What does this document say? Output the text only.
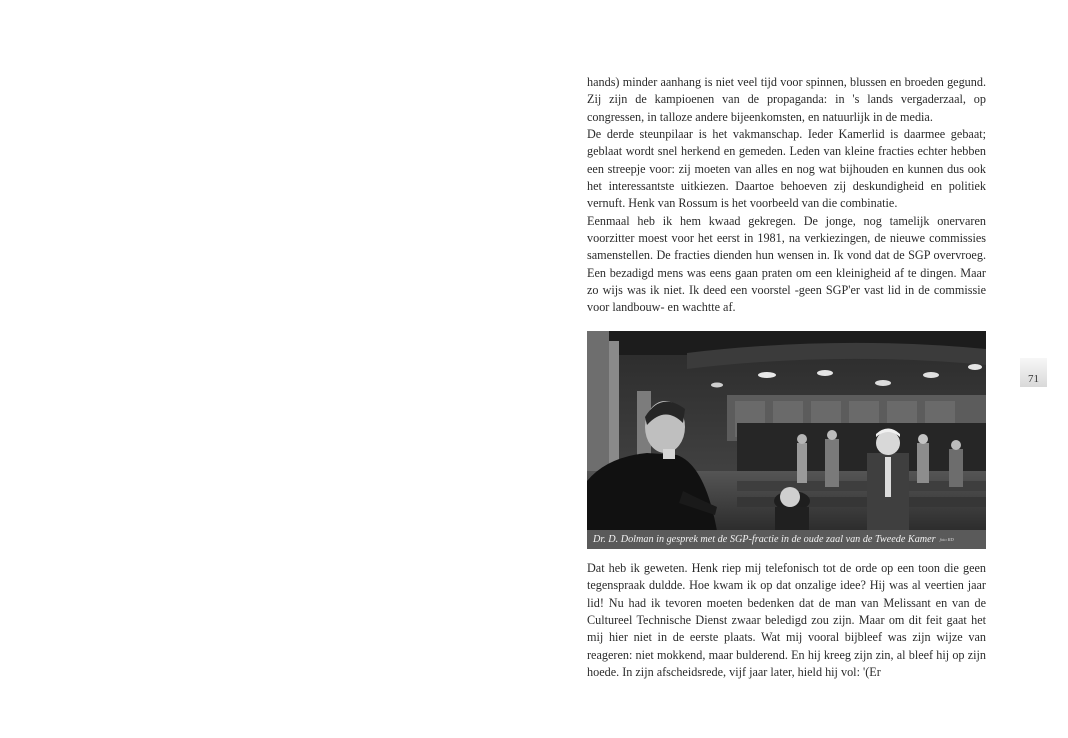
hands) minder aanhang is niet veel tijd voor spinnen, blussen en broeden gegund. Zij zijn de kampioenen van de propaganda: in 's lands vergaderzaal, op congressen, in talloze andere bijeenkomsten, en natuurlijk in de media.

De derde steunpilaar is het vakmanschap. Ieder Kamerlid is daarmee gebaat; geblaat wordt snel herkend en gemeden. Leden van kleine fracties echter hebben een streepje voor: zij moeten van alles en nog wat bijhouden en kunnen dus ook het interessantste uitkiezen. Daartoe behoeven zij deskundigheid en politiek vernuft. Henk van Rossum is het voorbeeld van die combinatie.

Eenmaal heb ik hem kwaad gekregen. De jonge, nog tamelijk onervaren voorzitter moest voor het eerst in 1981, na verkiezingen, de nieuwe commissies samenstellen. De fracties dienden hun wensen in. Ik vond dat de SGP overvroeg. Een bezadigd mens was eens gaan praten om een kleinigheid af te dingen. Maar zo wijs was ik niet. Ik deed een voorstel -geen SGP'er vast lid in de commissie voor landbouw- en wachtte af.

Dr. D. Dolman in gesprek met de SGP-fractie in de oude zaal van de Tweede Kamer foto RD

Dat heb ik geweten. Henk riep mij telefonisch tot de orde op een toon die geen tegenspraak duldde. Hoe kwam ik op dat onzalige idee? Hij was al veertien jaar lid! Nu had ik tevoren moeten bedenken dat de man van Melissant en van de Cultureel Technische Dienst zwaar beledigd zou zijn. Maar om dit feit gaat het mij hier niet in de eerste plaats. Wat mij vooral bijbleef was zijn wijze van reageren: niet mokkend, maar bulderend. En hij kreeg zijn zin, al bleef hij op zijn hoede. In zijn afscheidsrede, vijf jaar later, hield hij vol: '(Er

71
